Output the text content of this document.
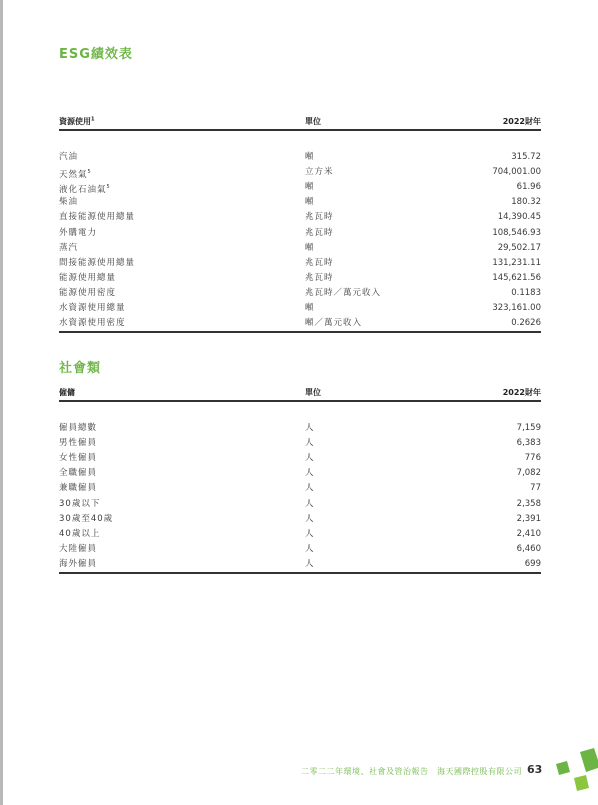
ESG績效表
資源使用$^1$	單位	2022財年
汽油	噸	315.72
天然氣$^5$	立方米	704,001.00
液化石油氣$^5$	噸	61.96
柴油	噸	180.32
直接能源使用總量	兆瓦時	14,390.45
外購電力	兆瓦時	108,546.93
蒸汽	噸	29,502.17
間接能源使用總量	兆瓦時	131,231.11
能源使用總量	兆瓦時	145,621.56
能源使用密度	兆瓦時／萬元收入	0.1183
水資源使用總量	噸	323,161.00
水資源使用密度	噸／萬元收入	0.2626
社會類
僱傭	單位	2022財年
僱員總數	人	7,159
男性僱員	人	6,383
女性僱員	人	776
全職僱員	人	7,082
兼職僱員	人	77
30歲以下	人	2,358
30歲至40歲	人	2,391
40歲以上	人	2,410
大陸僱員	人	6,460
海外僱員	人	699
二零二二年環境、社會及管治報告　海天國際控股有限公司 63
